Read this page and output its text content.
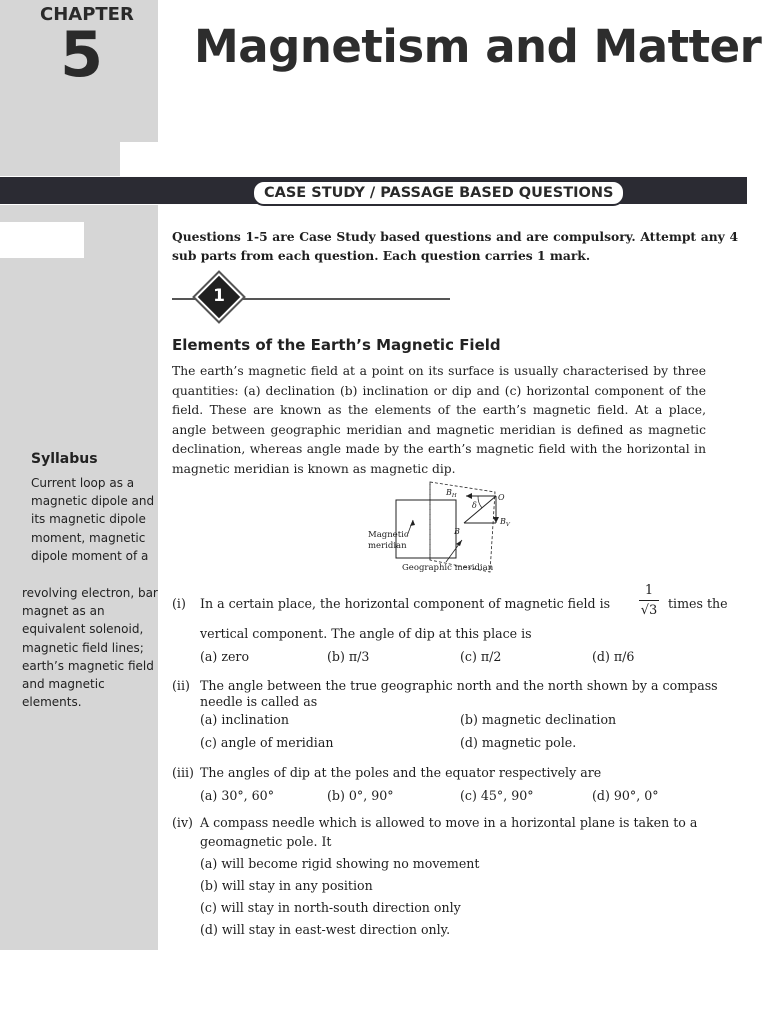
CHAPTER
5 Magnetism and Matter
CASE STUDY / PASSAGE BASED QUESTIONS
Questions 1-5 are Case Study based questions and are compulsory. Attempt any 4 sub parts from each question. Each question carries 1 mark.
1
Elements of the Earth’s Magnetic Field
The earth’s magnetic field at a point on its surface is usually characterised by three quantities: (a) declination (b) inclination or dip and (c) horizontal component of the field. These are known as the elements of the earth’s magnetic field. At a place, angle between geographic meridian and magnetic meridian is defined as magnetic declination, whereas angle made by the earth’s magnetic field with the horizontal in magnetic meridian is known as magnetic dip.
$B_H$	O
δ
B
$B_V$
Magnetic
meridian
Geographic meridian
Syllabus
Current loop as a magnetic dipole and its magnetic dipole moment, magnetic dipole moment of a
revolving electron, bar magnet as an equivalent solenoid, magnetic field lines; earth’s magnetic field and magnetic elements.
(i) In a certain place, the horizontal component of magnetic field is $\frac{1}{√3}$ times the
vertical component. The angle of dip at this place is
(a) zero	(b) π/3	(c) π/2	(d) π/6
(ii) The angle between the true geographic north and the north shown by a compass
needle is called as
(a) inclination	(b) magnetic declination
(c) angle of meridian	(d) magnetic pole.
(iii) The angles of dip at the poles and the equator respectively are
(a) 30°, 60°	(b) 0°, 90°	(c) 45°, 90°	(d) 90°, 0°
(iv) A compass needle which is allowed to move in a horizontal plane is taken to a
geomagnetic pole. It
(a) will become rigid showing no movement
(b) will stay in any position
(c) will stay in north-south direction only
(d) will stay in east-west direction only.
